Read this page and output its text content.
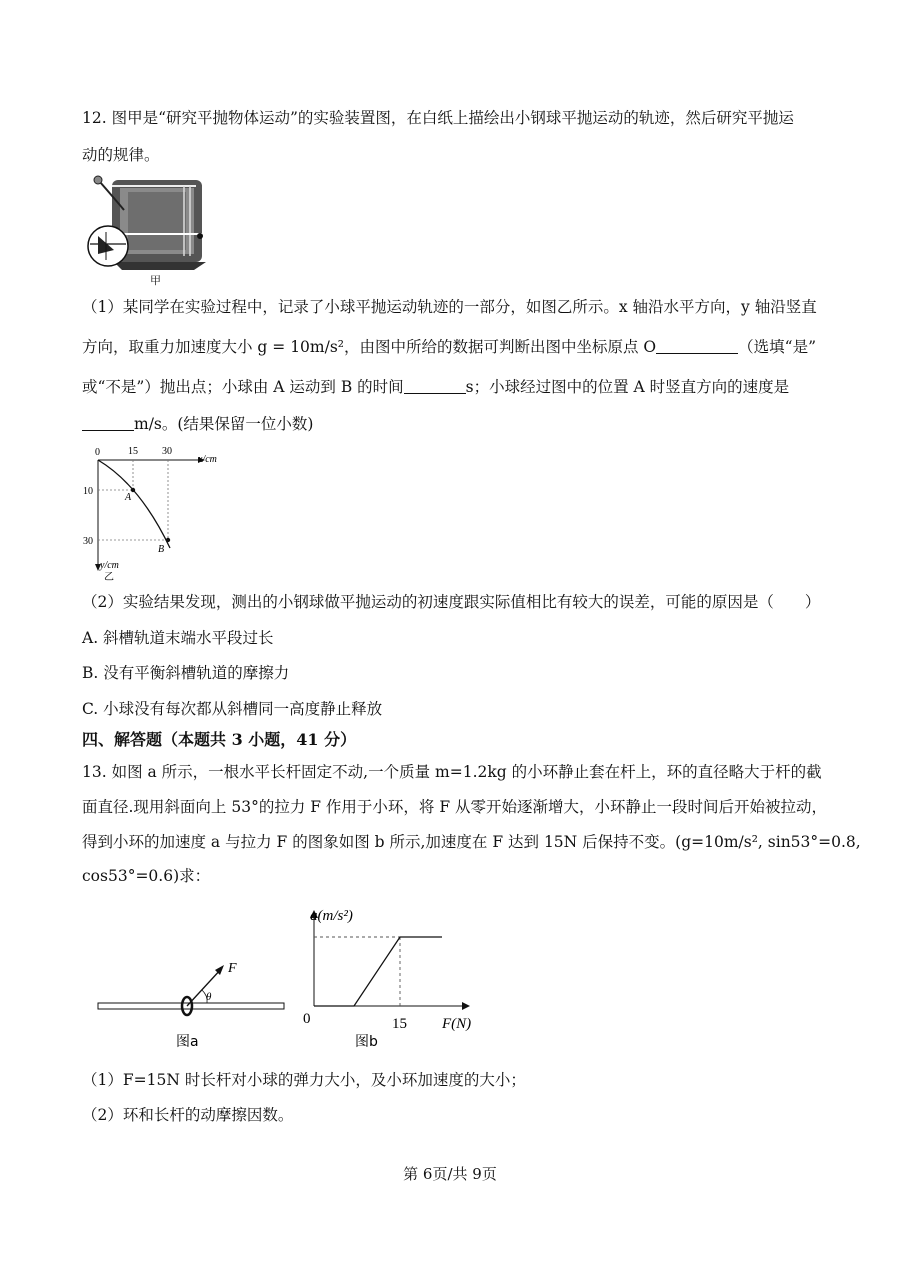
12. 图甲是“研究平抛物体运动”的实验装置图，在白纸上描绘出小钢球平抛运动的轨迹，然后研究平抛运
动的规律。
甲
（1）某同学在实验过程中，记录了小球平抛运动轨迹的一部分，如图乙所示。x 轴沿水平方向，y 轴沿竖直
方向，取重力加速度大小 g = 10m/s²，由图中所给的数据可判断出图中坐标原点 O	（选填“是”
或“不是”）抛出点；小球由 A 运动到 B 的时间	s；小球经过图中的位置 A 时竖直方向的速度是
m/s。(结果保留一位小数)
0	15 30
x/cm
10
30
y/cm
A
B
乙
（2）实验结果发现，测出的小钢球做平抛运动的初速度跟实际值相比有较大的误差，可能的原因是（　　）
A. 斜槽轨道末端水平段过长
B. 没有平衡斜槽轨道的摩擦力
C. 小球没有每次都从斜槽同一高度静止释放
四、解答题（本题共 3 小题，41 分）
13. 如图 a 所示，一根水平长杆固定不动,一个质量 m=1.2kg 的小环静止套在杆上，环的直径略大于杆的截
面直径.现用斜面向上 53°的拉力 F 作用于小环，将 F 从零开始逐渐增大，小环静止一段时间后开始被拉动，
得到小环的加速度 a 与拉力 F 的图象如图 b 所示,加速度在 F 达到 15N 后保持不变。(g=10m/s², sin53°=0.8,
cos53°=0.6)求：
F
θ
图a
a(m/s²)
F(N)
0	15
图b
（1）F=15N 时长杆对小球的弹力大小，及小环加速度的大小；
（2）环和长杆的动摩擦因数。
第 6页/共 9页
